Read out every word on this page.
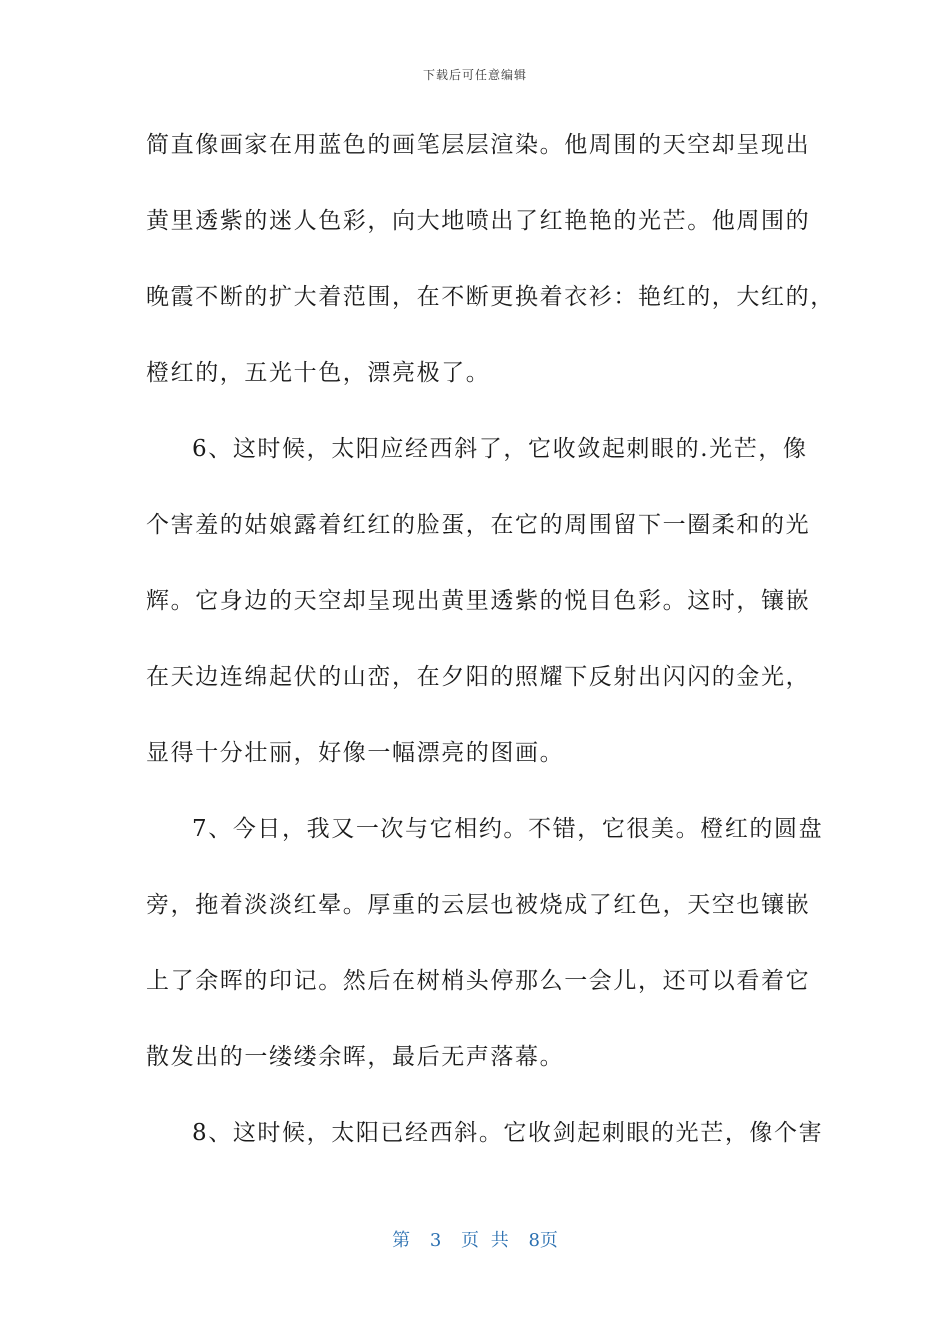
下载后可任意编辑
简直像画家在用蓝色的画笔层层渲染。他周围的天空却呈现出
黄里透紫的迷人色彩，向大地喷出了红艳艳的光芒。他周围的
晚霞不断的扩大着范围，在不断更换着衣衫：艳红的，大红的，
橙红的，五光十色，漂亮极了。
6、这时候，太阳应经西斜了，它收敛起刺眼的.光芒，像
个害羞的姑娘露着红红的脸蛋，在它的周围留下一圈柔和的光
辉。它身边的天空却呈现出黄里透紫的悦目色彩。这时，镶嵌
在天边连绵起伏的山峦，在夕阳的照耀下反射出闪闪的金光，
显得十分壮丽，好像一幅漂亮的图画。
7、今日，我又一次与它相约。不错，它很美。橙红的圆盘
旁，拖着淡淡红晕。厚重的云层也被烧成了红色，天空也镶嵌
上了余晖的印记。然后在树梢头停那么一会儿，还可以看着它
散发出的一缕缕余晖，最后无声落幕。
8、这时候，太阳已经西斜。它收剑起刺眼的光芒，像个害
第 3 页 共 8页
